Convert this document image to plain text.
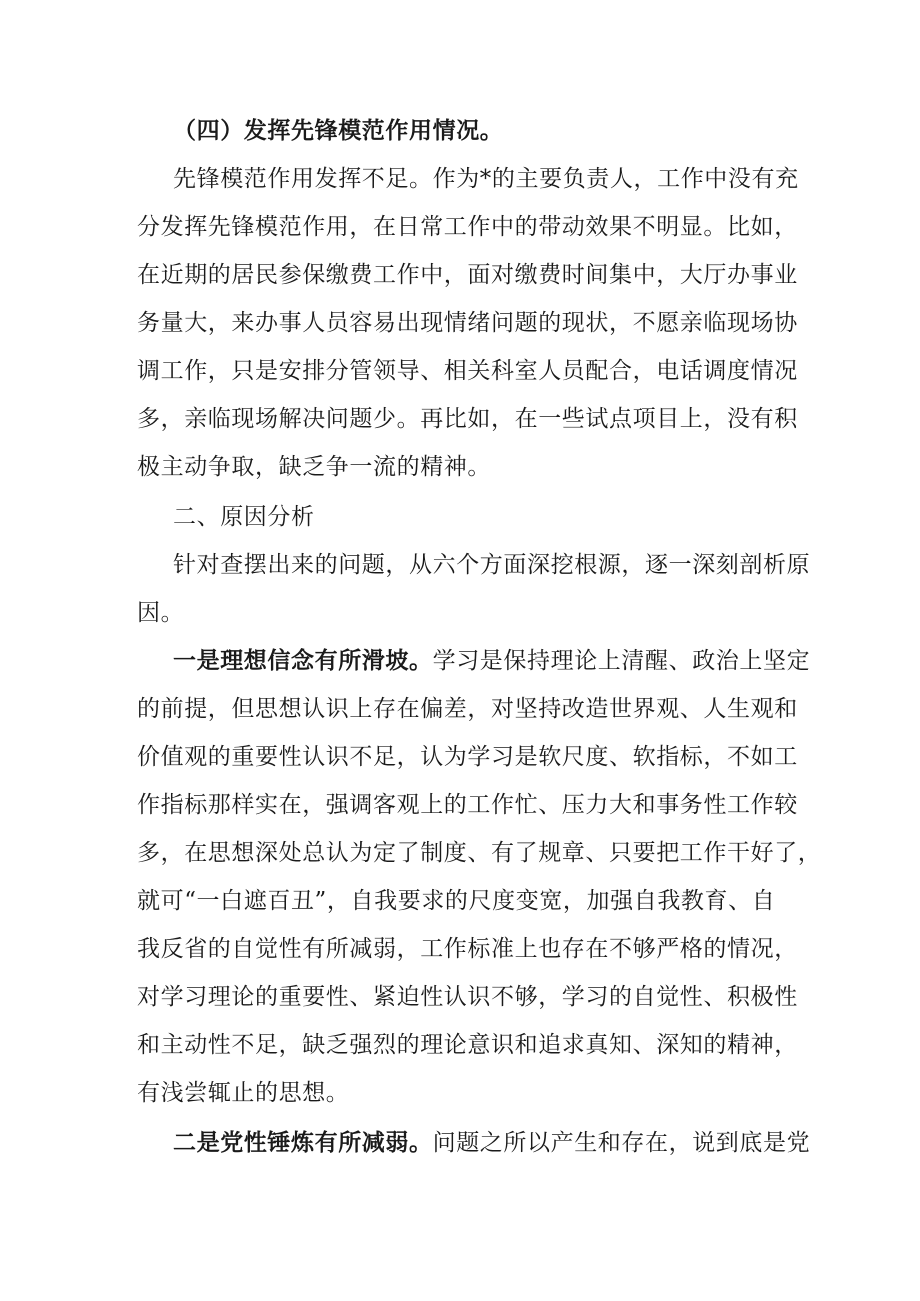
（四）发挥先锋模范作用情况。
先锋模范作用发挥不足。作为*的主要负责人，工作中没有充
分发挥先锋模范作用，在日常工作中的带动效果不明显。比如，
在近期的居民参保缴费工作中，面对缴费时间集中，大厅办事业
务量大，来办事人员容易出现情绪问题的现状，不愿亲临现场协
调工作，只是安排分管领导、相关科室人员配合，电话调度情况
多，亲临现场解决问题少。再比如，在一些试点项目上，没有积
极主动争取，缺乏争一流的精神。
二、原因分析
针对查摆出来的问题，从六个方面深挖根源，逐一深刻剖析原
因。
一是理想信念有所滑坡。学习是保持理论上清醒、政治上坚定
的前提，但思想认识上存在偏差，对坚持改造世界观、人生观和
价值观的重要性认识不足，认为学习是软尺度、软指标，不如工
作指标那样实在，强调客观上的工作忙、压力大和事务性工作较
多，在思想深处总认为定了制度、有了规章、只要把工作干好了，
就可“一白遮百丑”，自我要求的尺度变宽，加强自我教育、自
我反省的自觉性有所减弱，工作标准上也存在不够严格的情况，
对学习理论的重要性、紧迫性认识不够，学习的自觉性、积极性
和主动性不足，缺乏强烈的理论意识和追求真知、深知的精神，
有浅尝辄止的思想。
二是党性锤炼有所减弱。问题之所以产生和存在，说到底是党
